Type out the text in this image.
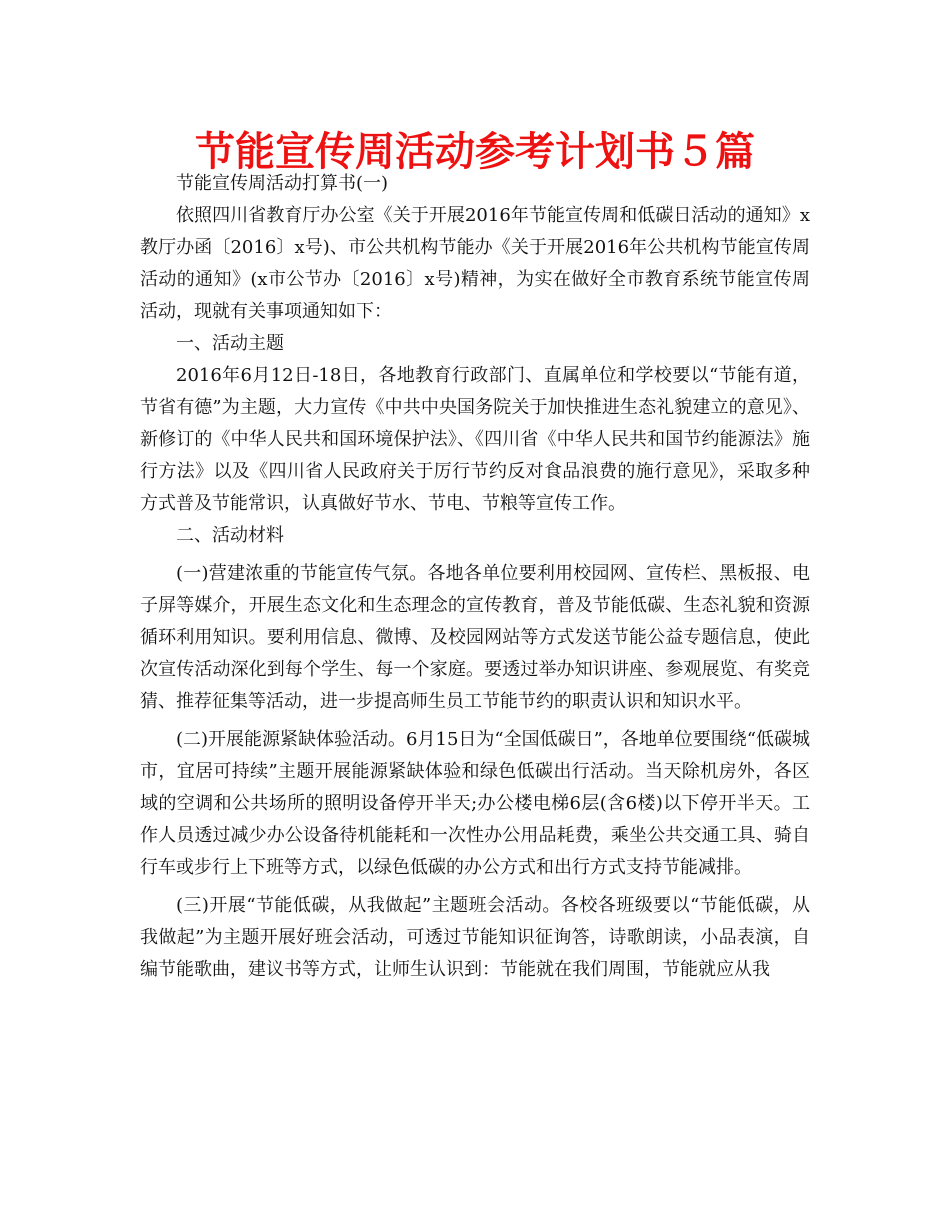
节能宣传周活动参考计划书５篇

节能宣传周活动打算书(一)

依照四川省教育厅办公室《关于开展2016年节能宣传周和低碳日活动的通知》x教厅办函〔2016〕x号)、市公共机构节能办《关于开展2016年公共机构节能宣传周活动的通知》(x市公节办〔2016〕x号)精神，为实在做好全市教育系统节能宣传周活动，现就有关事项通知如下：

一、活动主题

2016年6月12日-18日，各地教育行政部门、直属单位和学校要以“节能有道，节省有德”为主题，大力宣传《中共中央国务院关于加快推进生态礼貌建立的意见》、新修订的《中华人民共和国环境保护法》、《四川省《中华人民共和国节约能源法》施行方法》以及《四川省人民政府关于厉行节约反对食品浪费的施行意见》，采取多种方式普及节能常识，认真做好节水、节电、节粮等宣传工作。

二、活动材料

(一)营建浓重的节能宣传气氛。各地各单位要利用校园网、宣传栏、黑板报、电子屏等媒介，开展生态文化和生态理念的宣传教育，普及节能低碳、生态礼貌和资源循环利用知识。要利用信息、微博、及校园网站等方式发送节能公益专题信息，使此次宣传活动深化到每个学生、每一个家庭。要透过举办知识讲座、参观展览、有奖竞猜、推荐征集等活动，进一步提高师生员工节能节约的职责认识和知识水平。

(二)开展能源紧缺体验活动。6月15日为“全国低碳日”，各地单位要围绕“低碳城市，宜居可持续”主题开展能源紧缺体验和绿色低碳出行活动。当天除机房外，各区域的空调和公共场所的照明设备停开半天;办公楼电梯6层(含6楼)以下停开半天。工作人员透过减少办公设备待机能耗和一次性办公用品耗费，乘坐公共交通工具、骑自行车或步行上下班等方式，以绿色低碳的办公方式和出行方式支持节能减排。

(三)开展“节能低碳，从我做起”主题班会活动。各校各班级要以“节能低碳，从我做起”为主题开展好班会活动，可透过节能知识征询答，诗歌朗读，小品表演，自编节能歌曲，建议书等方式，让师生认识到：节能就在我们周围，节能就应从我
